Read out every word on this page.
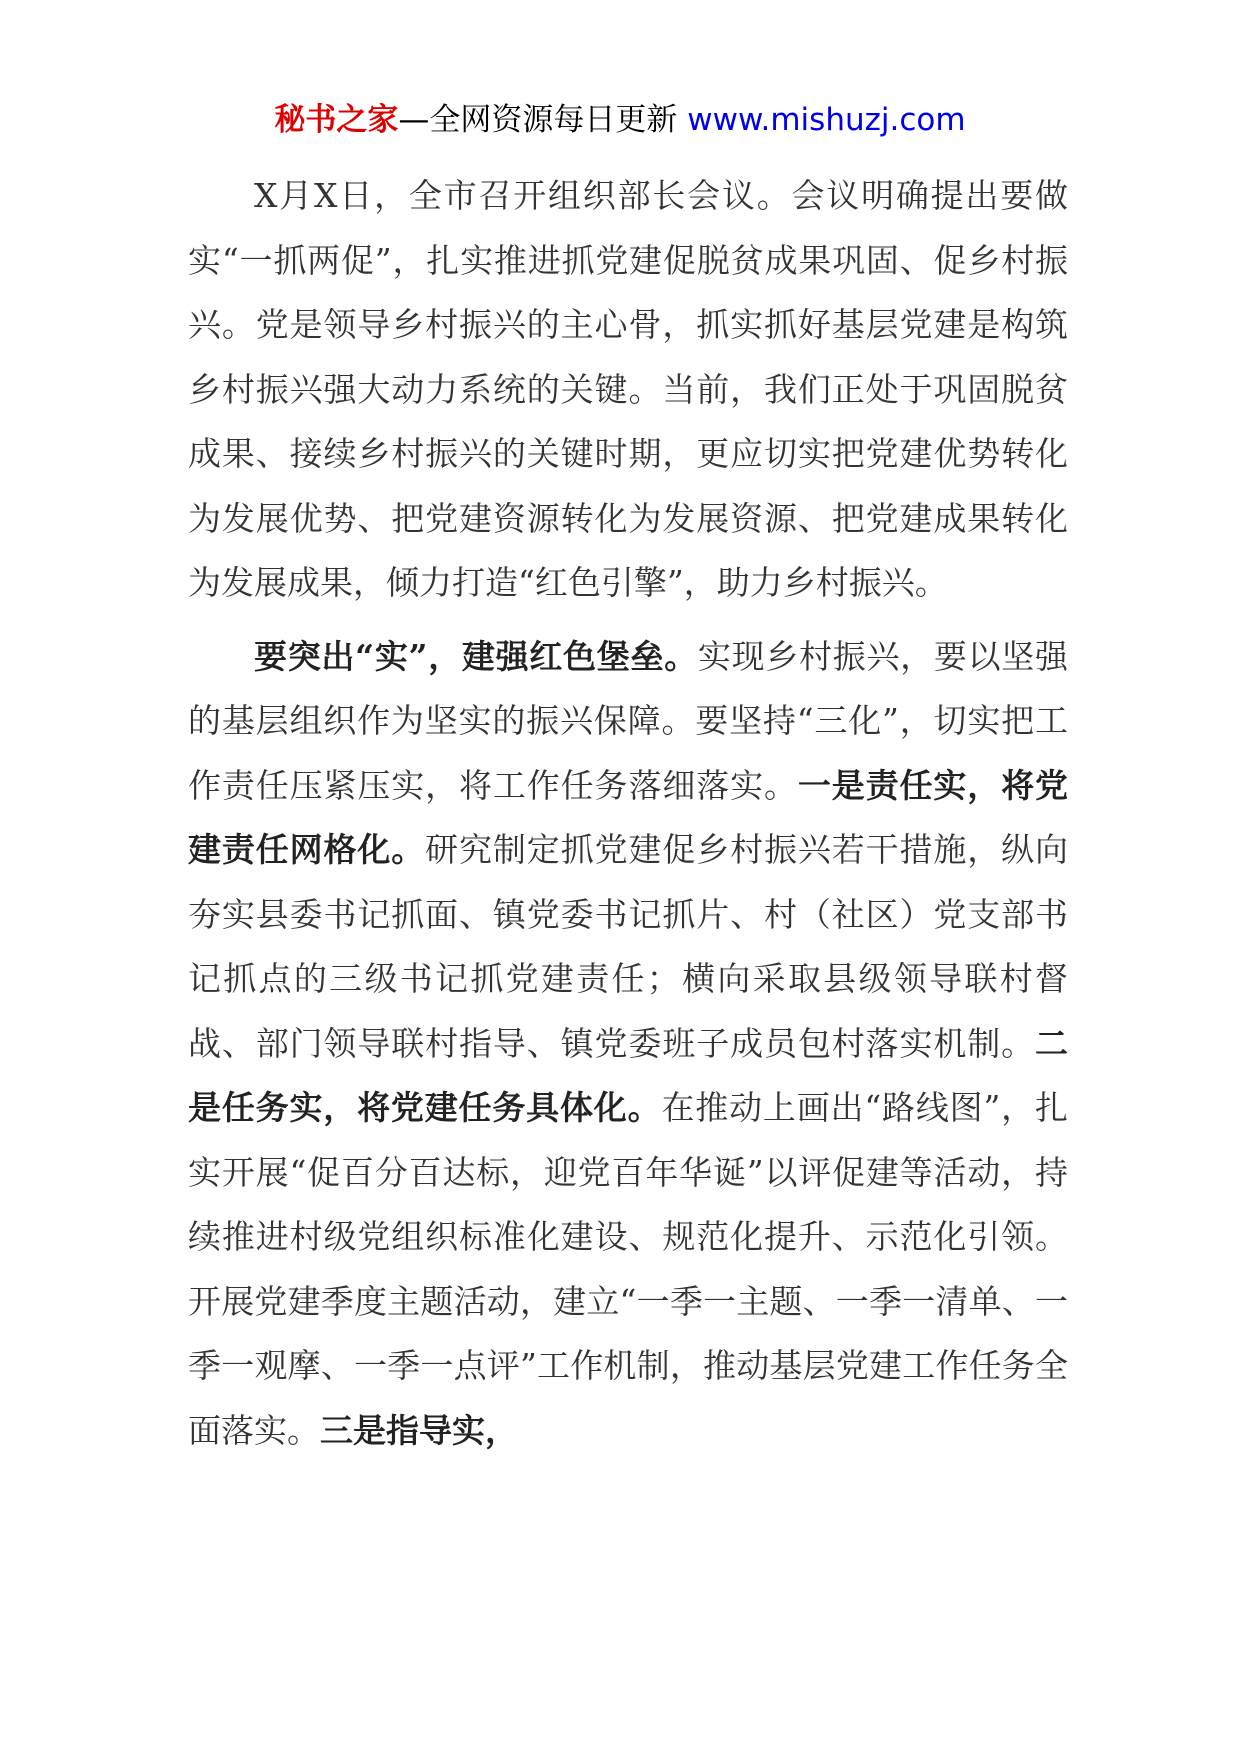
秘书之家—全网资源每日更新 www.mishuzj.com

X月X日，全市召开组织部长会议。会议明确提出要做实“一抓两促”，扎实推进抓党建促脱贫成果巩固、促乡村振兴。党是领导乡村振兴的主心骨，抓实抓好基层党建是构筑乡村振兴强大动力系统的关键。当前，我们正处于巩固脱贫成果、接续乡村振兴的关键时期，更应切实把党建优势转化为发展优势、把党建资源转化为发展资源、把党建成果转化为发展成果，倾力打造“红色引擎”，助力乡村振兴。

要突出“实”，建强红色堡垒。实现乡村振兴，要以坚强的基层组织作为坚实的振兴保障。要坚持“三化”，切实把工作责任压紧压实，将工作任务落细落实。一是责任实，将党建责任网格化。研究制定抓党建促乡村振兴若干措施，纵向夯实县委书记抓面、镇党委书记抓片、村（社区）党支部书记抓点的三级书记抓党建责任；横向采取县级领导联村督战、部门领导联村指导、镇党委班子成员包村落实机制。二是任务实，将党建任务具体化。在推动上画出“路线图”，扎实开展“促百分百达标，迎党百年华诞”以评促建等活动，持续推进村级党组织标准化建设、规范化提升、示范化引领。开展党建季度主题活动，建立“一季一主题、一季一清单、一季一观摩、一季一点评”工作机制，推动基层党建工作任务全面落实。三是指导实，
